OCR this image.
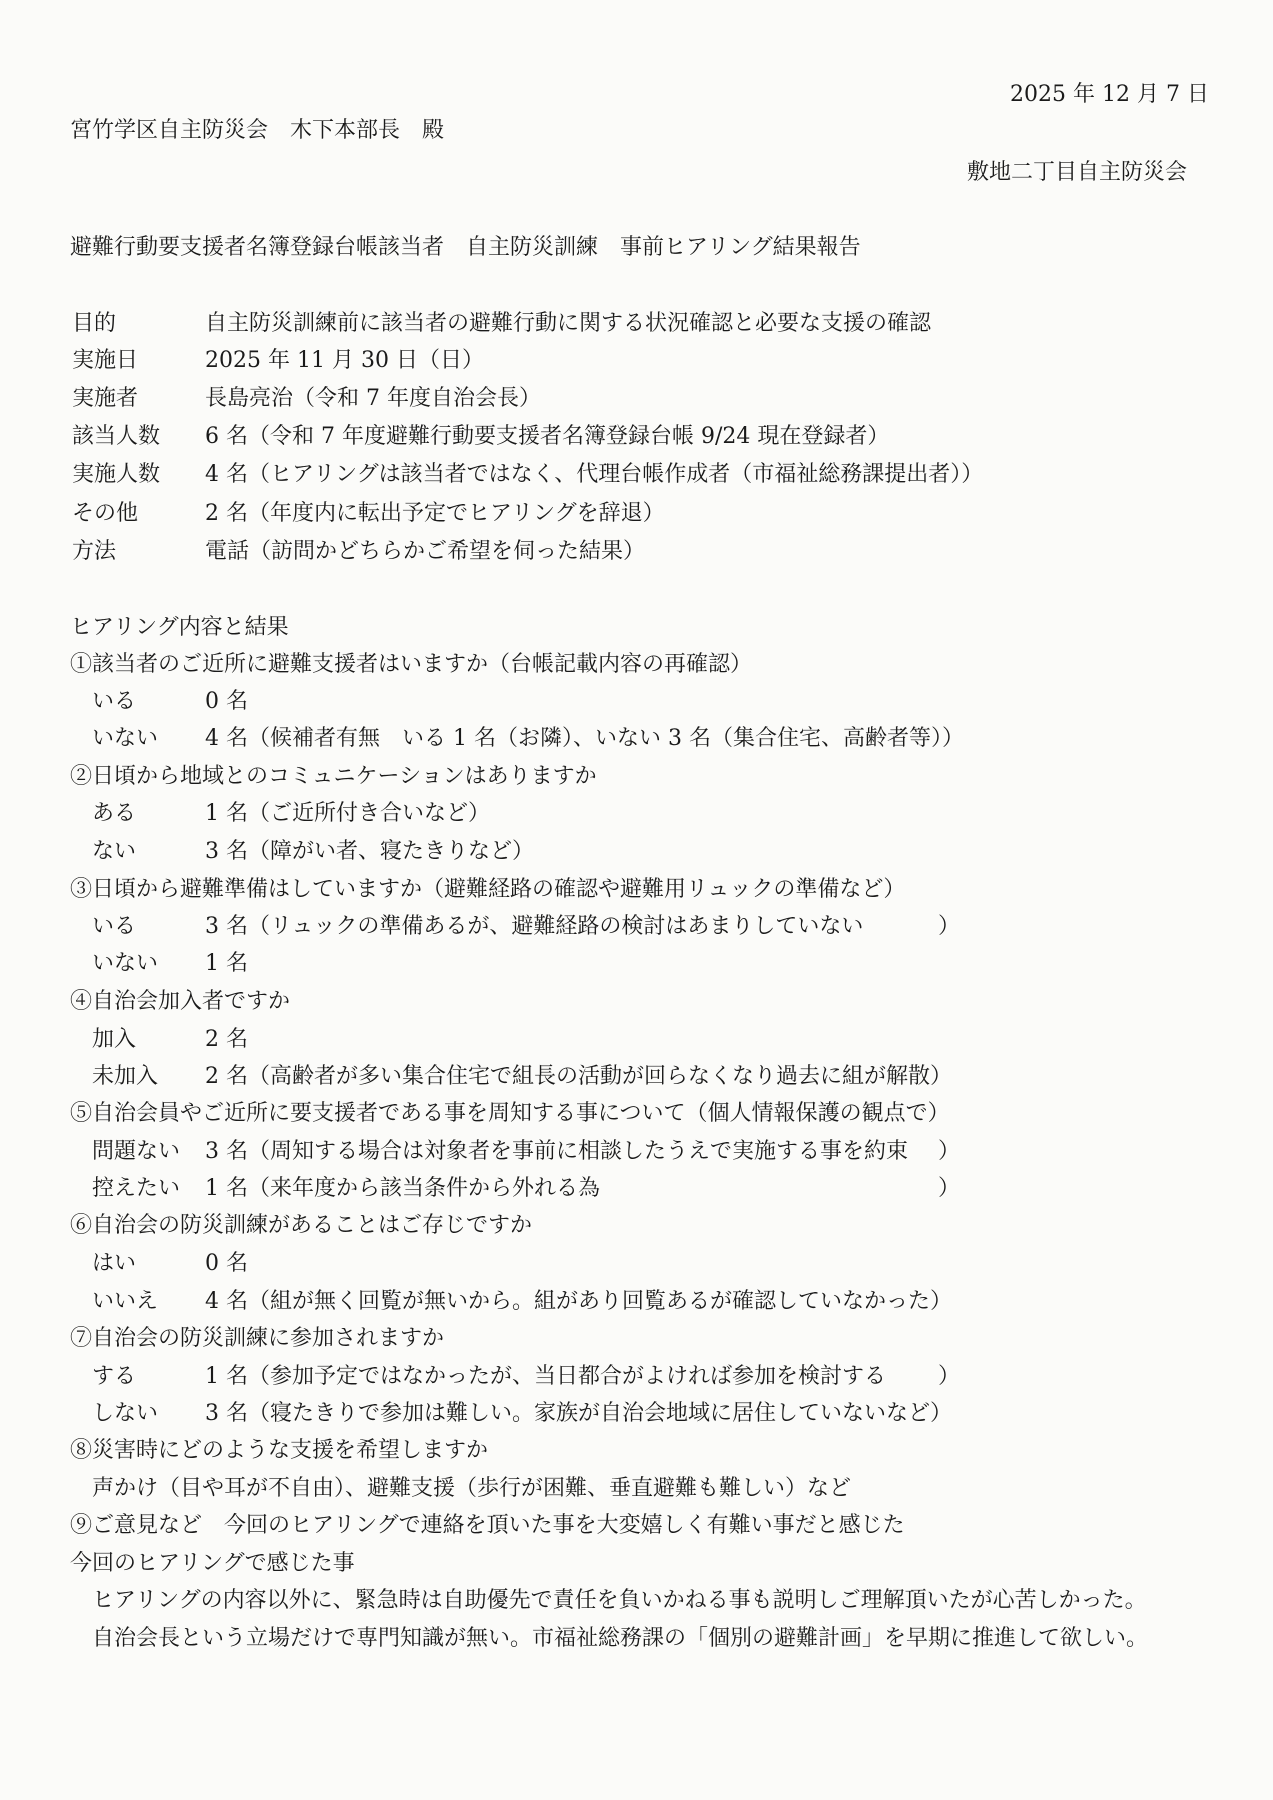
2025 年 12 月 7 日
宮竹学区自主防災会　木下本部長　殿
敷地二丁目自主防災会
避難行動要支援者名簿登録台帳該当者　自主防災訓練　事前ヒアリング結果報告
目的	自主防災訓練前に該当者の避難行動に関する状況確認と必要な支援の確認
実施日	2025 年 11 月 30 日（日）
実施者	長島亮治（令和 7 年度自治会長）
該当人数 6 名（令和 7 年度避難行動要支援者名簿登録台帳 9/24 現在登録者）
実施人数 4 名（ヒアリングは該当者ではなく、代理台帳作成者（市福祉総務課提出者））
その他	2 名（年度内に転出予定でヒアリングを辞退）
方法	電話（訪問かどちらかご希望を伺った結果）
ヒアリング内容と結果
①該当者のご近所に避難支援者はいますか（台帳記載内容の再確認）
いる	0 名
いない 4 名（候補者有無　いる 1 名（お隣）、いない 3 名（集合住宅、高齢者等））
②日頃から地域とのコミュニケーションはありますか
ある	1 名（ご近所付き合いなど）
ない	3 名（障がい者、寝たきりなど）
③日頃から避難準備はしていますか（避難経路の確認や避難用リュックの準備など）
いる	3 名（リュックの準備あるが、避難経路の検討はあまりしていない	）
いない 1 名
④自治会加入者ですか
加入	2 名
未加入 2 名（高齢者が多い集合住宅で組長の活動が回らなくなり過去に組が解散）
⑤自治会員やご近所に要支援者である事を周知する事について（個人情報保護の観点で）
問題ない 3 名（周知する場合は対象者を事前に相談したうえで実施する事を約束 ）
控えたい 1 名（来年度から該当条件から外れる為	）
⑥自治会の防災訓練があることはご存じですか
はい	0 名
いいえ 4 名（組が無く回覧が無いから。組があり回覧あるが確認していなかった）
⑦自治会の防災訓練に参加されますか
する	1 名（参加予定ではなかったが、当日都合がよければ参加を検討する ）
しない 3 名（寝たきりで参加は難しい。家族が自治会地域に居住していないなど）
⑧災害時にどのような支援を希望しますか
声かけ（目や耳が不自由）、避難支援（歩行が困難、垂直避難も難しい）など
⑨ご意見など　今回のヒアリングで連絡を頂いた事を大変嬉しく有難い事だと感じた
今回のヒアリングで感じた事
ヒアリングの内容以外に、緊急時は自助優先で責任を負いかねる事も説明しご理解頂いたが心苦しかった。
自治会長という立場だけで専門知識が無い。市福祉総務課の「個別の避難計画」を早期に推進して欲しい。
